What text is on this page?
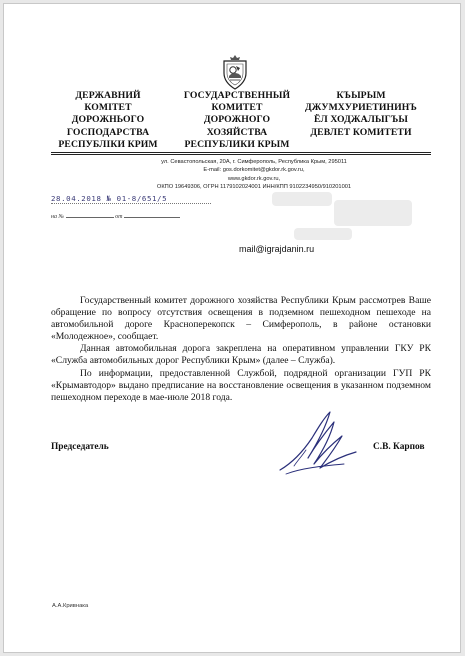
ДЕРЖАВНИЙ
КОМІТЕТ
ДОРОЖНЬОГО
ГОСПОДАРСТВА
РЕСПУБЛІКИ КРИМ
ГОСУДАРСТВЕННЫЙ
КОМИТЕТ
ДОРОЖНОГО
ХОЗЯЙСТВА
РЕСПУБЛИКИ КРЫМ
КЪЫРЫМ
ДЖУМХУРИЕТИНИНЪ
ЁЛ ХОДЖАЛЫГЪЫ
ДЕВЛЕТ КОМИТЕТИ
ул. Севастопольская, 20А, г. Симферополь, Республика Крым, 295011
E-mail: gos.dorkomitet@gkdor.rk.gov.ru,
www.gkdor.rk.gov.ru,
ОКПО 19649306, ОГРН 1179102024001 ИНН/КПП 9102234950/910201001
28.04.2018 № 01-8/651/5
на №	от
mail@igrajdanin.ru

Государственный комитет дорожного хозяйства Республики Крым рассмотрев Ваше обращение по вопросу отсутствия освещения в подземном пешеходном пешеходе на автомобильной дороге Красноперекопск – Симферополь, в районе остановки «Молодежное», сообщает.

Данная автомобильная дорога закреплена на оперативном управлении ГКУ РК «Служба автомобильных дорог Республики Крым» (далее – Служба).

По информации, предоставленной Службой, подрядной организации ГУП РК «Крымавтодор» выдано предписание на восстановление освещения в указанном подземном пешеходном переходе в мае-июле 2018 года.

Председатель	С.В. Карпов
А.А.Кривнака
